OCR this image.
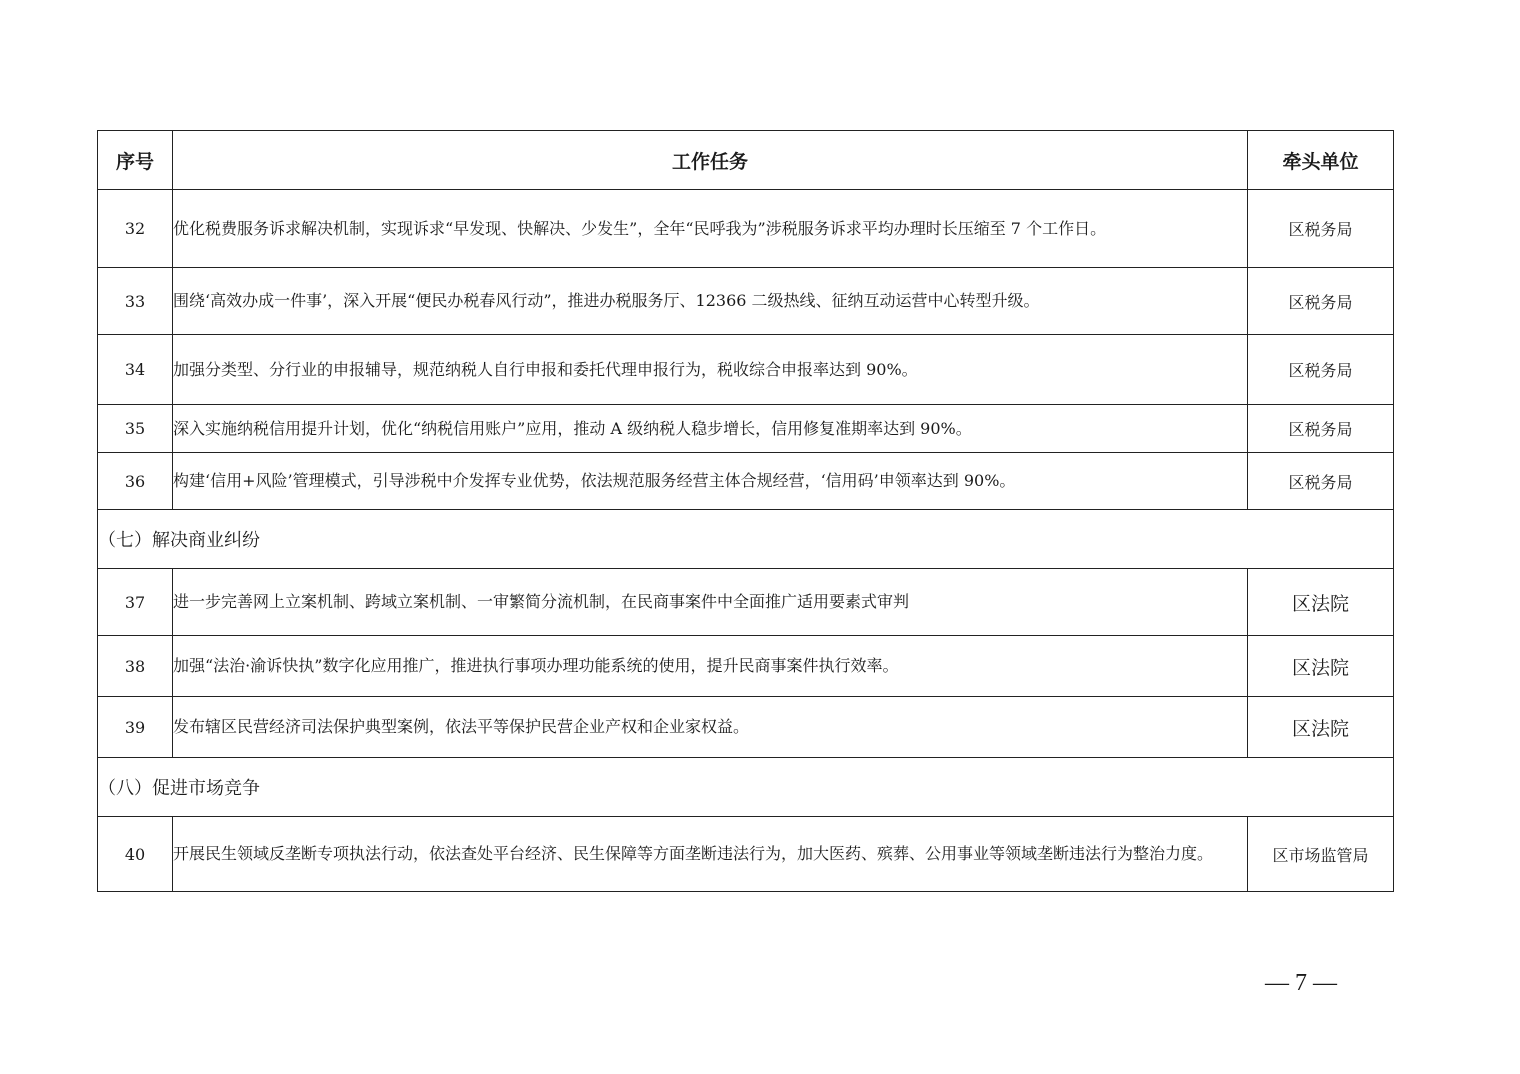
序号	工作任务	牵头单位
32	优化税费服务诉求解决机制，实现诉求“早发现、快解决、少发生”，全年“民呼我为”涉税服务诉求平均办理时长压缩至 7 个工作日。	区税务局
33	围绕‘高效办成一件事’，深入开展“便民办税春风行动”，推进办税服务厅、12366 二级热线、征纳互动运营中心转型升级。	区税务局
34	加强分类型、分行业的申报辅导，规范纳税人自行申报和委托代理申报行为，税收综合申报率达到 90%。	区税务局
35	深入实施纳税信用提升计划，优化“纳税信用账户”应用，推动 A 级纳税人稳步增长，信用修复准期率达到 90%。	区税务局
36	构建‘信用+风险’管理模式，引导涉税中介发挥专业优势，依法规范服务经营主体合规经营，‘信用码’申领率达到 90%。	区税务局
（七）解决商业纠纷		
37	进一步完善网上立案机制、跨域立案机制、一审繁简分流机制，在民商事案件中全面推广适用要素式审判	区法院
38	加强“法治·渝诉快执”数字化应用推广，推进执行事项办理功能系统的使用，提升民商事案件执行效率。	区法院
39	发布辖区民营经济司法保护典型案例，依法平等保护民营企业产权和企业家权益。	区法院
（八）促进市场竞争		
40	开展民生领域反垄断专项执法行动，依法查处平台经济、民生保障等方面垄断违法行为，加大医药、殡葬、公用事业等领域垄断违法行为整治力度。	区市场监管局
— 7 —
